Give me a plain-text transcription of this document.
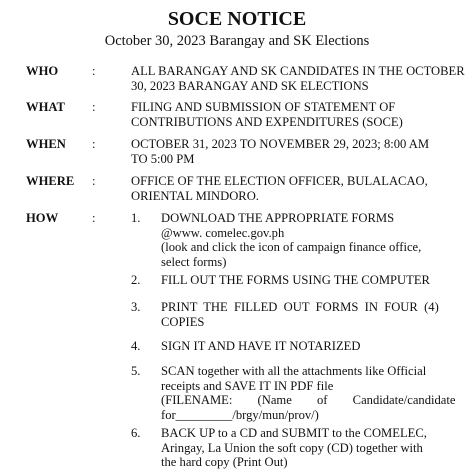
SOCE NOTICE
October 30, 2023 Barangay and SK Elections
WHO	:	ALL BARANGAY AND SK CANDIDATES IN THE OCTOBER
30, 2023 BARANGAY AND SK ELECTIONS
WHAT :	FILING AND SUBMISSION OF STATEMENT OF
CONTRIBUTIONS AND EXPENDITURES (SOCE)
WHEN :	OCTOBER 31, 2023 TO NOVEMBER 29, 2023; 8:00 AM
TO 5:00 PM
WHERE :	OFFICE OF THE ELECTION OFFICER, BULALACAO,
ORIENTAL MINDORO.
HOW	:	1. DOWNLOAD THE APPROPRIATE FORMS
@www. comelec.gov.ph
(look and click the icon of campaign finance office,
select forms)
2. FILL OUT THE FORMS USING THE COMPUTER
3. PRINT  THE  FILLED  OUT  FORMS  IN  FOUR  (4)
COPIES
4. SIGN IT AND HAVE IT NOTARIZED
5. SCAN together with all the attachments like Official
receipts and SAVE IT IN PDF file
(FILENAME:        (Name        of        Candidate/candidate
for_________/brgy/mun/prov/)
6. BACK UP to a CD and SUBMIT to the COMELEC,
Aringay, La Union the soft copy (CD) together with
the hard copy (Print Out)
